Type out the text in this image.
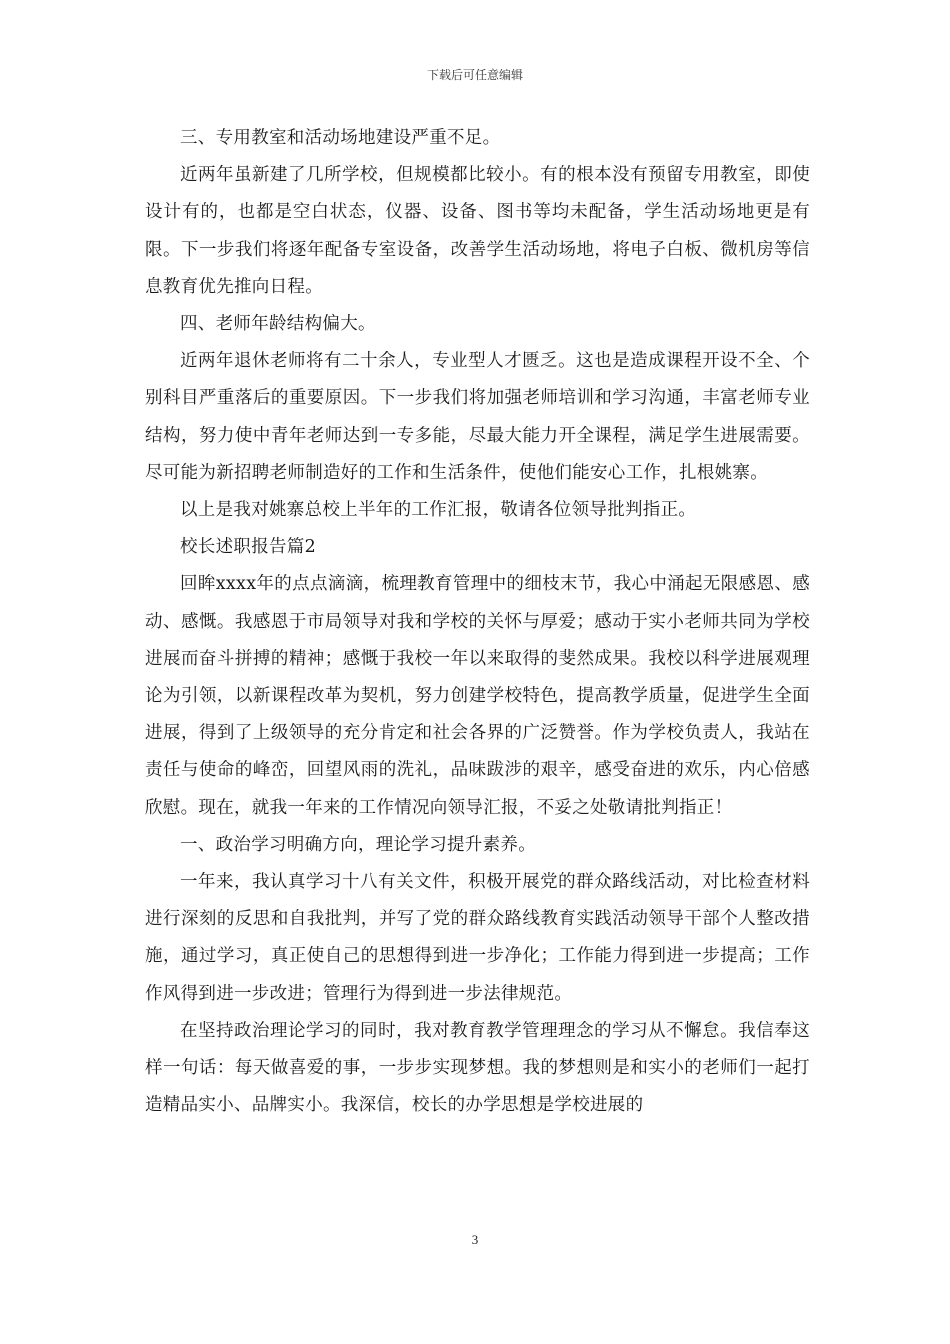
下载后可任意编辑

三、专用教室和活动场地建设严重不足。

近两年虽新建了几所学校，但规模都比较小。有的根本没有预留专用教室，即使设计有的，也都是空白状态，仪器、设备、图书等均未配备，学生活动场地更是有限。下一步我们将逐年配备专室设备，改善学生活动场地，将电子白板、微机房等信息教育优先推向日程。

四、老师年龄结构偏大。

近两年退休老师将有二十余人，专业型人才匮乏。这也是造成课程开设不全、个别科目严重落后的重要原因。下一步我们将加强老师培训和学习沟通，丰富老师专业结构，努力使中青年老师达到一专多能，尽最大能力开全课程，满足学生进展需要。尽可能为新招聘老师制造好的工作和生活条件，使他们能安心工作，扎根姚寨。

以上是我对姚寨总校上半年的工作汇报，敬请各位领导批判指正。

校长述职报告篇2

回眸xxxx年的点点滴滴，梳理教育管理中的细枝末节，我心中涌起无限感恩、感动、感慨。我感恩于市局领导对我和学校的关怀与厚爱；感动于实小老师共同为学校进展而奋斗拼搏的精神；感慨于我校一年以来取得的斐然成果。我校以科学进展观理论为引领，以新课程改革为契机，努力创建学校特色，提高教学质量，促进学生全面进展，得到了上级领导的充分肯定和社会各界的广泛赞誉。作为学校负责人，我站在责任与使命的峰峦，回望风雨的洗礼，品味跋涉的艰辛，感受奋进的欢乐，内心倍感欣慰。现在，就我一年来的工作情况向领导汇报，不妥之处敬请批判指正！

一、政治学习明确方向，理论学习提升素养。

一年来，我认真学习十八有关文件，积极开展党的群众路线活动，对比检查材料进行深刻的反思和自我批判，并写了党的群众路线教育实践活动领导干部个人整改措施，通过学习，真正使自己的思想得到进一步净化；工作能力得到进一步提高；工作作风得到进一步改进；管理行为得到进一步法律规范。

在坚持政治理论学习的同时，我对教育教学管理理念的学习从不懈怠。我信奉这样一句话：每天做喜爱的事，一步步实现梦想。我的梦想则是和实小的老师们一起打造精品实小、品牌实小。我深信，校长的办学思想是学校进展的

3
